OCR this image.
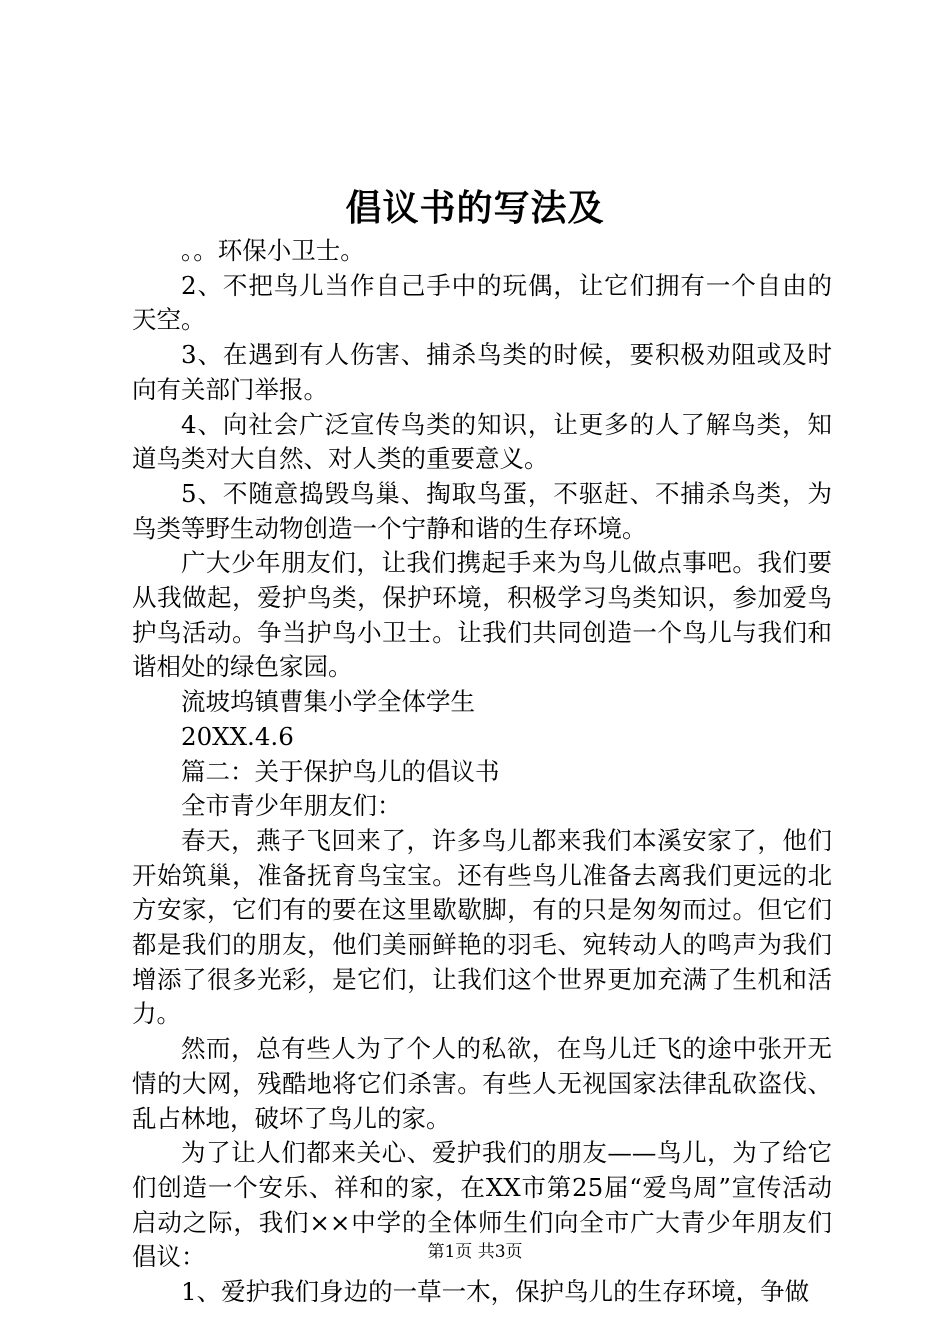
倡议书的写法及

。。环保小卫士。

2、不把鸟儿当作自己手中的玩偶，让它们拥有一个自由的天空。

3、在遇到有人伤害、捕杀鸟类的时候，要积极劝阻或及时向有关部门举报。

4、向社会广泛宣传鸟类的知识，让更多的人了解鸟类，知道鸟类对大自然、对人类的重要意义。

5、不随意捣毁鸟巢、掏取鸟蛋，不驱赶、不捕杀鸟类，为鸟类等野生动物创造一个宁静和谐的生存环境。

广大少年朋友们，让我们携起手来为鸟儿做点事吧。我们要从我做起，爱护鸟类，保护环境，积极学习鸟类知识，参加爱鸟护鸟活动。争当护鸟小卫士。让我们共同创造一个鸟儿与我们和谐相处的绿色家园。

流坡坞镇曹集小学全体学生

20XX.4.6

篇二：关于保护鸟儿的倡议书

全市青少年朋友们：

春天，燕子飞回来了，许多鸟儿都来我们本溪安家了，他们开始筑巢，准备抚育鸟宝宝。还有些鸟儿准备去离我们更远的北方安家，它们有的要在这里歇歇脚，有的只是匆匆而过。但它们都是我们的朋友，他们美丽鲜艳的羽毛、宛转动人的鸣声为我们增添了很多光彩，是它们，让我们这个世界更加充满了生机和活力。

然而，总有些人为了个人的私欲，在鸟儿迁飞的途中张开无情的大网，残酷地将它们杀害。有些人无视国家法律乱砍盗伐、乱占林地，破坏了鸟儿的家。

为了让人们都来关心、爱护我们的朋友——鸟儿，为了给它们创造一个安乐、祥和的家，在XX市第25届“爱鸟周”宣传活动启动之际，我们××中学的全体师生们向全市广大青少年朋友们倡议：

1、爱护我们身边的一草一木，保护鸟儿的生存环境，争做

第1页 共3页
